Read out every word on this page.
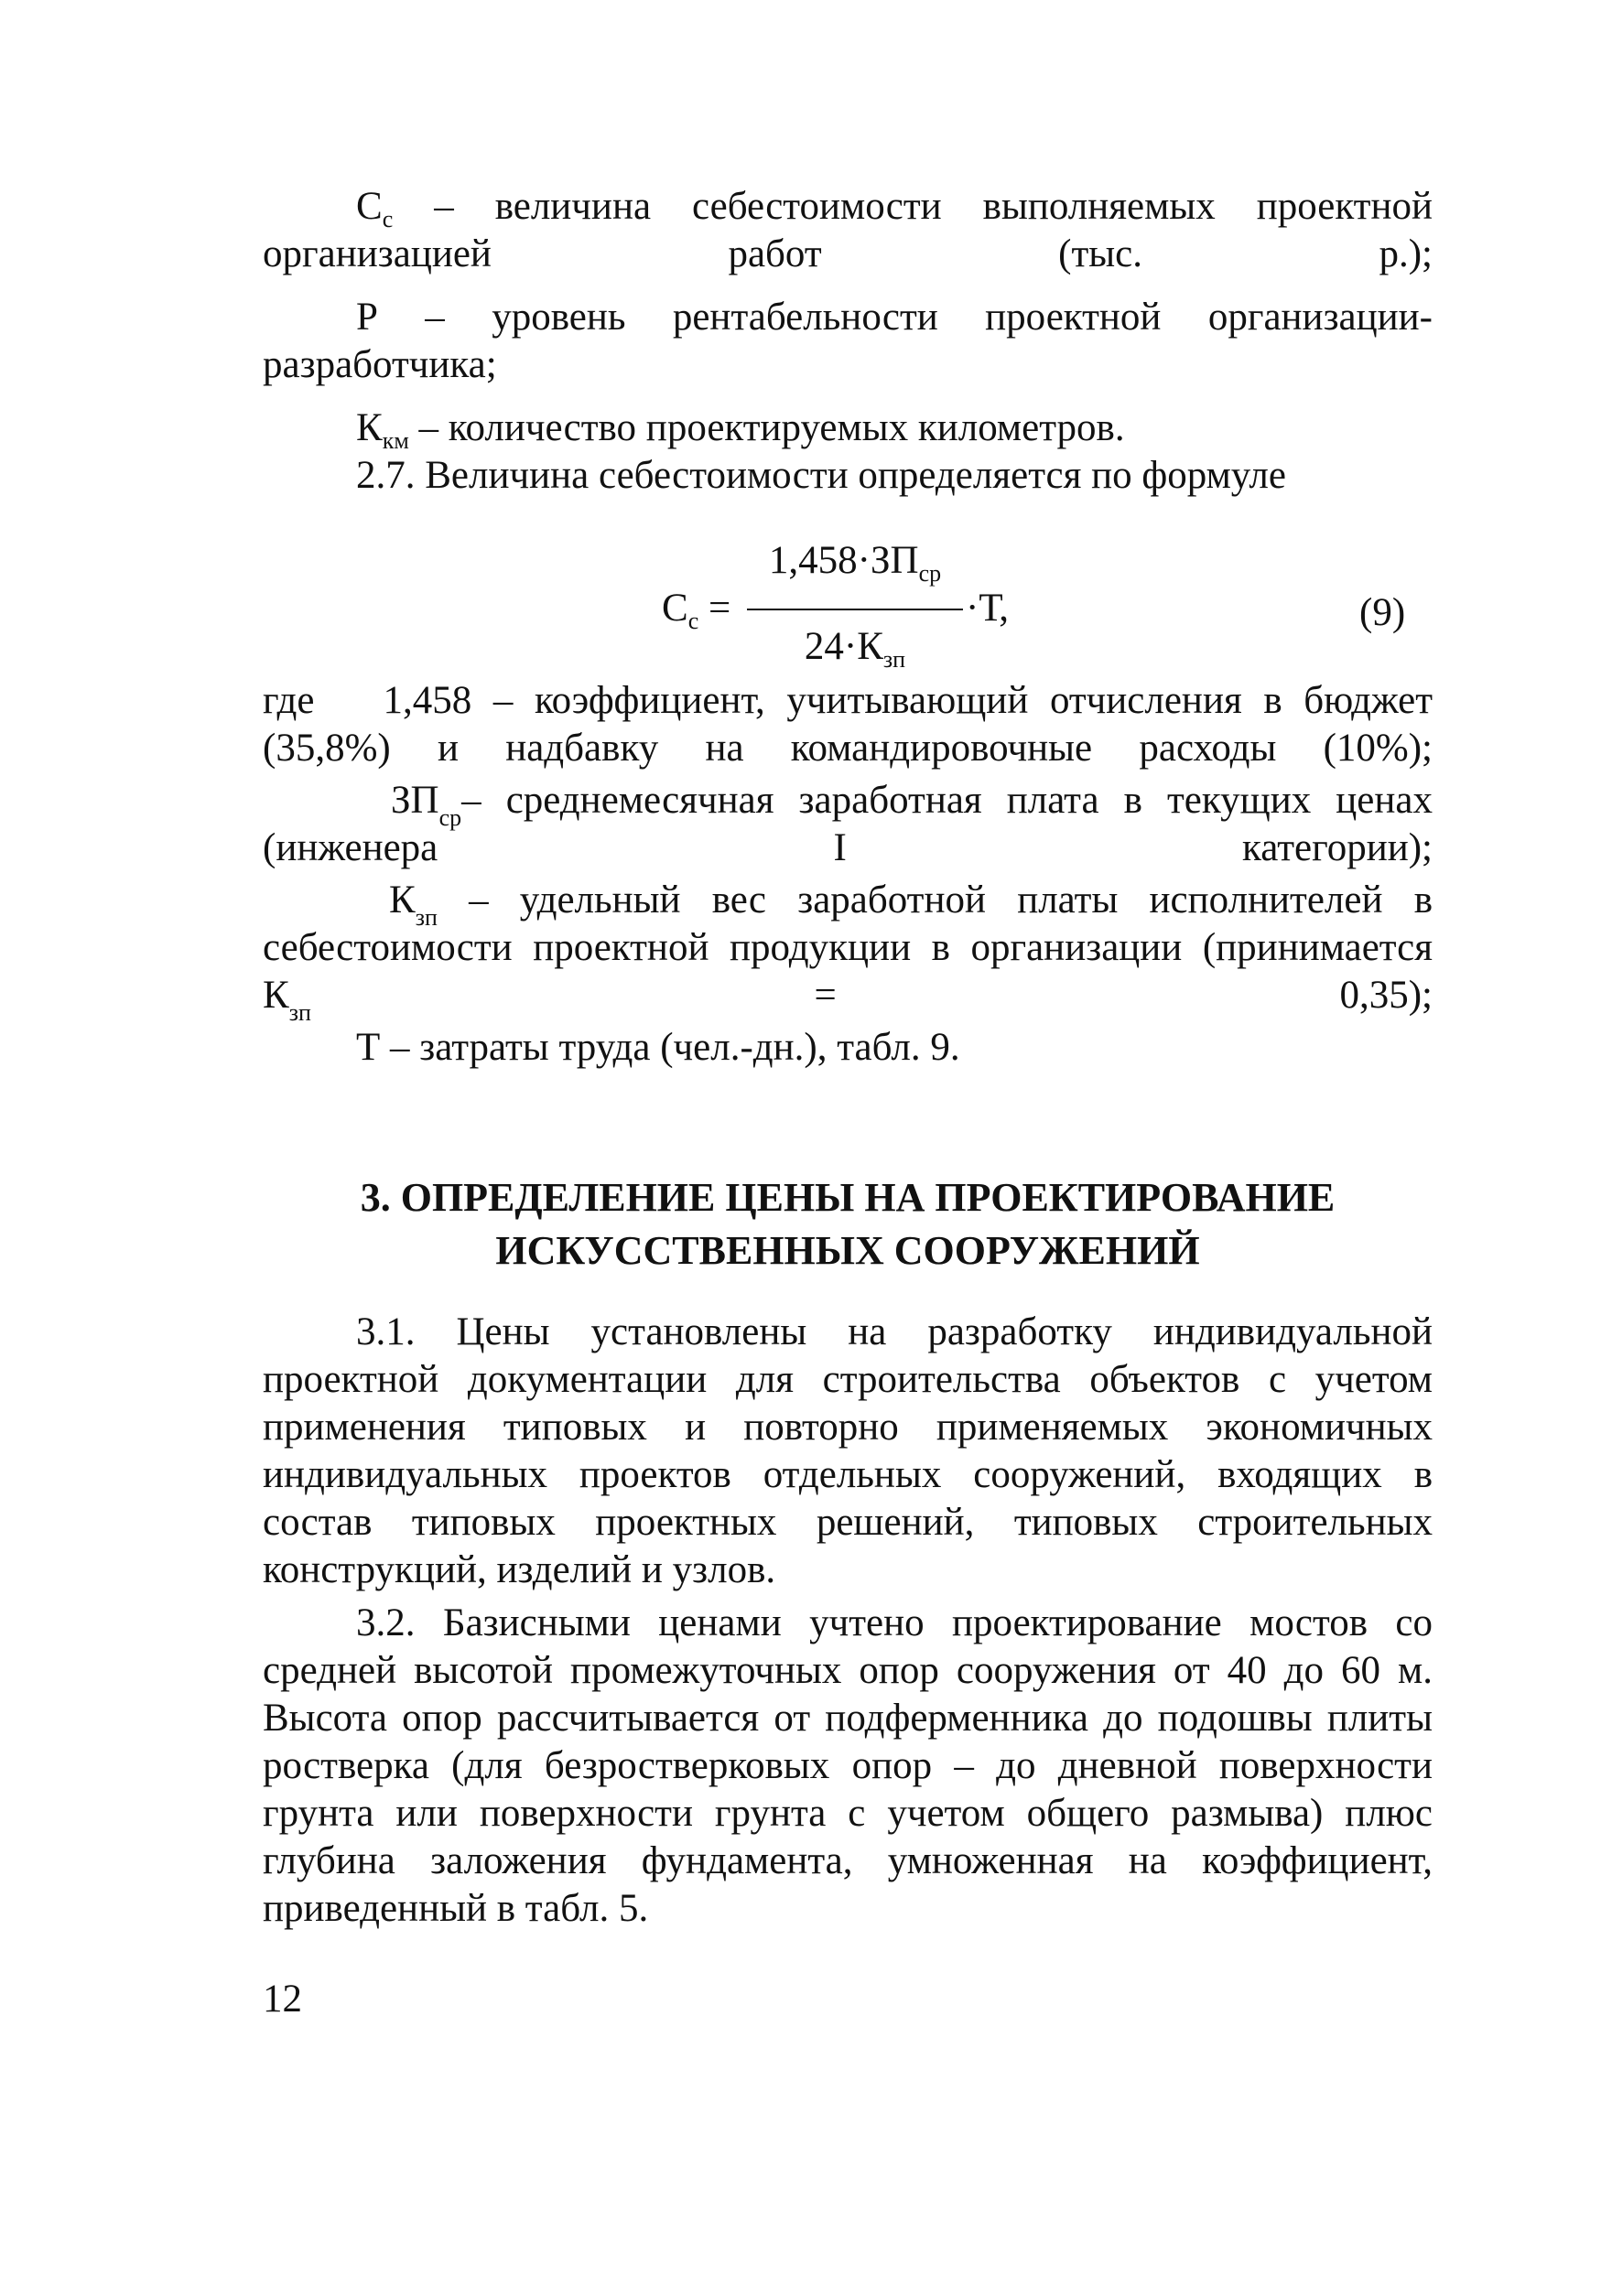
$C_с$ – величина себестоимости выполняемых проектной организацией работ (тыс. р.);

Р – уровень рентабельности проектной организации-разработчика;

$К_{км}$ – количество проектируемых километров.

2.7. Величина себестоимости определяется по формуле

$C_с$ =
$1,458\cdot ЗП_{ср}$
$24\cdot К_{зп}$
·Т,	(9)

где 1,458 – коэффициент, учитывающий отчисления в бюджет (35,8%) и надбавку на командировочные расходы (10%);

$ЗП_{ср}-$ среднемесячная заработная плата в текущих ценах (инженера I категории);

$К_{зп}$ – удельный вес заработной платы исполнителей в себестоимости проектной продукции в организации (принимается $К_{зп} = 0,35$);

Т – затраты труда (чел.-дн.), табл. 9.

3. ОПРЕДЕЛЕНИЕ ЦЕНЫ НА ПРОЕКТИРОВАНИЕ
ИСКУССТВЕННЫХ СООРУЖЕНИЙ

3.1. Цены установлены на разработку индивидуальной проектной документации для строительства объектов с учетом применения типовых и повторно применяемых экономичных индивидуальных проектов отдельных сооружений, входящих в состав типовых проектных решений, типовых строительных конструкций, изделий и узлов.

3.2. Базисными ценами учтено проектирование мостов со средней высотой промежуточных опор сооружения от 40 до 60 м. Высота опор рассчитывается от подферменника до подошвы плиты ростверка (для безростверковых опор – до дневной поверхности грунта или поверхности грунта с учетом общего размыва) плюс глубина заложения фундамента, умноженная на коэффициент, приведенный в табл. 5.

12
